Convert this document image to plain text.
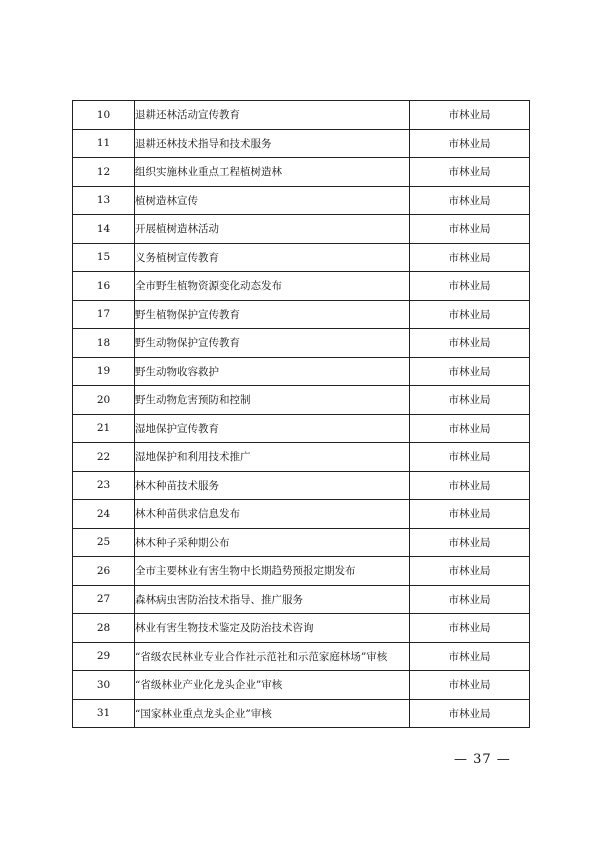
10	退耕还林活动宣传教育	市林业局
11	退耕还林技术指导和技术服务	市林业局
12	组织实施林业重点工程植树造林	市林业局
13	植树造林宣传	市林业局
14	开展植树造林活动	市林业局
15	义务植树宣传教育	市林业局
16	全市野生植物资源变化动态发布	市林业局
17	野生植物保护宣传教育	市林业局
18	野生动物保护宣传教育	市林业局
19	野生动物收容救护	市林业局
20	野生动物危害预防和控制	市林业局
21	湿地保护宣传教育	市林业局
22	湿地保护和利用技术推广	市林业局
23	林木种苗技术服务	市林业局
24	林木种苗供求信息发布	市林业局
25	林木种子采种期公布	市林业局
26	全市主要林业有害生物中长期趋势预报定期发布	市林业局
27	森林病虫害防治技术指导、推广服务	市林业局
28	林业有害生物技术鉴定及防治技术咨询	市林业局
29	“省级农民林业专业合作社示范社和示范家庭林场”审核	市林业局
30	“省级林业产业化龙头企业”审核	市林业局
31	“国家林业重点龙头企业”审核	市林业局
— 37 —
